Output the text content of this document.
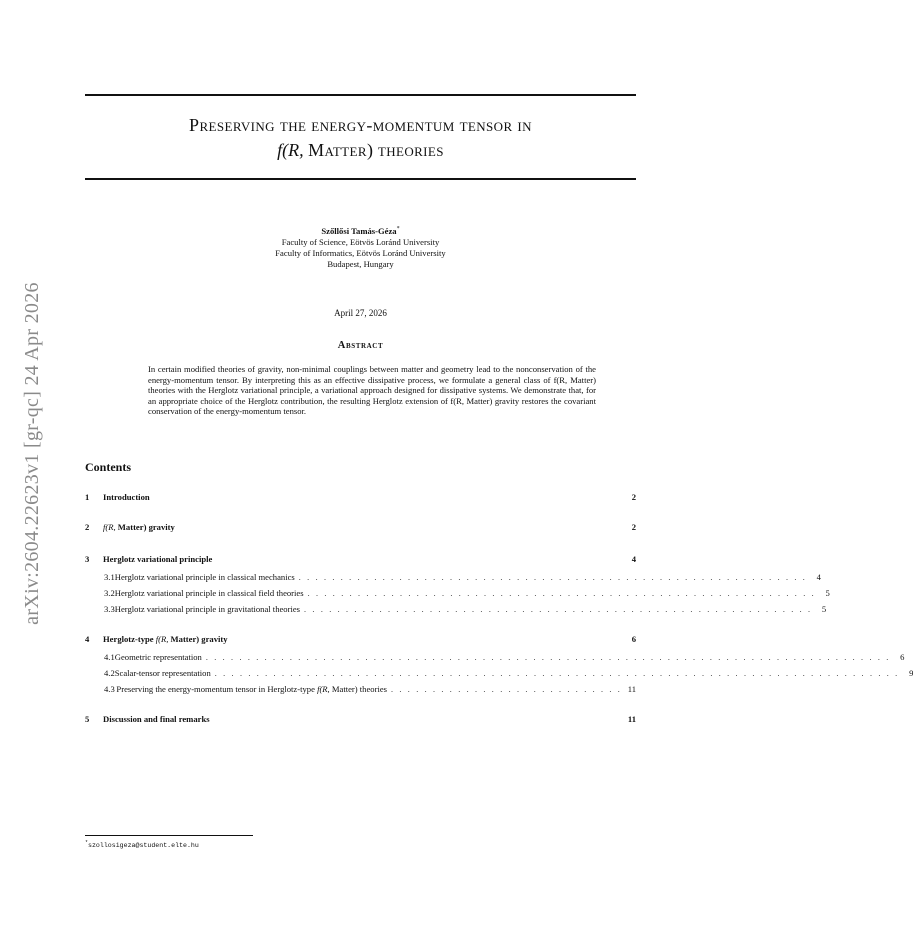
arXiv:2604.22623v1 [gr-qc] 24 Apr 2026
Preserving the energy-momentum tensor in
f(R, Matter) theories
Szőllősi Tamás-Géza*
Faculty of Science, Eötvös Loránd University
Faculty of Informatics, Eötvös Loránd University
Budapest, Hungary
April 27, 2026
Abstract
In certain modified theories of gravity, non-minimal couplings between matter and geometry lead to the nonconservation of the energy-momentum tensor. By interpreting this as an effective dissipative process, we formulate a general class of f(R, Matter) theories with the Herglotz variational principle, a variational approach designed for dissipative systems. We demonstrate that, for an appropriate choice of the Herglotz contribution, the resulting Herglotz extension of f(R, Matter) gravity restores the covariant conservation of the energy-momentum tensor.
Contents
1	Introduction	2
2	f(R, Matter) gravity	2
3	Herglotz variational principle	4
3.1 Herglotz variational principle in classical mechanics . . . . . . . . . . . . . . . . . . . . . . . . . . . . . . . . . . . . . . . . . . . . . . . . . . . . . . . . . . . . .	4
3.2 Herglotz variational principle in classical field theories . . . . . . . . . . . . . . . . . . . . . . . . . . . . . . . . . . . . . . . . . . . . . . . . . . . . . . . . . . . . .	5
3.3 Herglotz variational principle in gravitational theories . . . . . . . . . . . . . . . . . . . . . . . . . . . . . . . . . . . . . . . . . . . . . . . . . . . . . . . . . . . . .	5
4	Herglotz-type f(R, Matter) gravity	6
4.1 Geometric representation . . . . . . . . . . . . . . . . . . . . . . . . . . . . . . . . . . . . . . . . . . . . . . . . . . . . . . . . . . . . . . . . . . . . . . . . . . . . . . . . . .	6
4.2 Scalar-tensor representation . . . . . . . . . . . . . . . . . . . . . . . . . . . . . . . . . . . . . . . . . . . . . . . . . . . . . . . . . . . . . . . . . . . . . . . . . . . . . . . . . .	9
4.3 Preserving the energy-momentum tensor in Herglotz-type f(R, Matter) theories . . . . . . . . . . . . . . . . . . . . . . . . . . . . 11
5	Discussion and final remarks	11
*szollosigeza@student.elte.hu
